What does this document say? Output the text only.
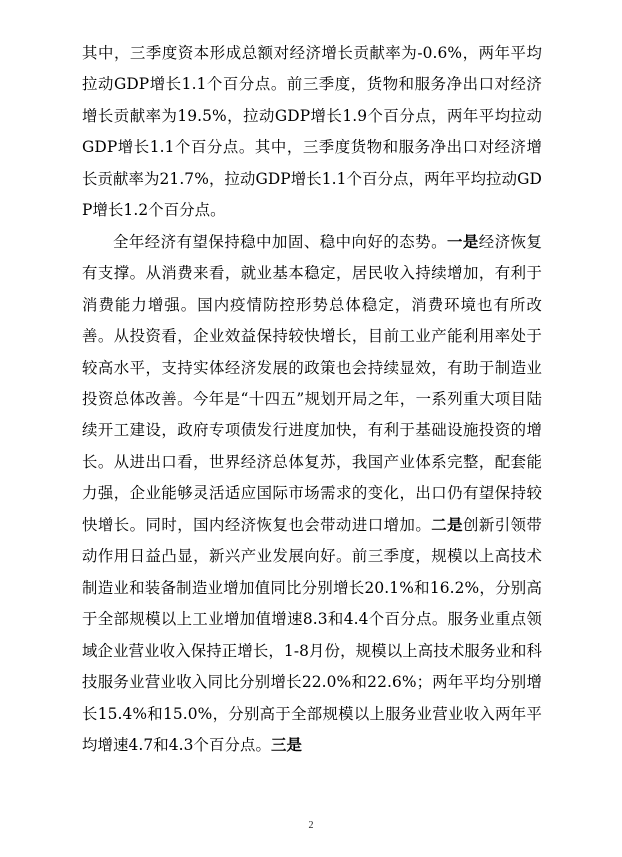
其中，三季度资本形成总额对经济增长贡献率为-0.6%，两年平均拉动GDP增长1.1个百分点。前三季度，货物和服务净出口对经济增长贡献率为19.5%，拉动GDP增长1.9个百分点，两年平均拉动GDP增长1.1个百分点。其中，三季度货物和服务净出口对经济增长贡献率为21.7%，拉动GDP增长1.1个百分点，两年平均拉动GDP增长1.2个百分点。

全年经济有望保持稳中加固、稳中向好的态势。一是经济恢复有支撑。从消费来看，就业基本稳定，居民收入持续增加，有利于消费能力增强。国内疫情防控形势总体稳定，消费环境也有所改善。从投资看，企业效益保持较快增长，目前工业产能利用率处于较高水平，支持实体经济发展的政策也会持续显效，有助于制造业投资总体改善。今年是“十四五”规划开局之年，一系列重大项目陆续开工建设，政府专项债发行进度加快，有利于基础设施投资的增长。从进出口看，世界经济总体复苏，我国产业体系完整，配套能力强，企业能够灵活适应国际市场需求的变化，出口仍有望保持较快增长。同时，国内经济恢复也会带动进口增加。二是创新引领带动作用日益凸显，新兴产业发展向好。前三季度，规模以上高技术制造业和装备制造业增加值同比分别增长20.1%和16.2%，分别高于全部规模以上工业增加值增速8.3和4.4个百分点。服务业重点领域企业营业收入保持正增长，1-8月份，规模以上高技术服务业和科技服务业营业收入同比分别增长22.0%和22.6%；两年平均分别增长15.4%和15.0%，分别高于全部规模以上服务业营业收入两年平均增速4.7和4.3个百分点。三是

2
